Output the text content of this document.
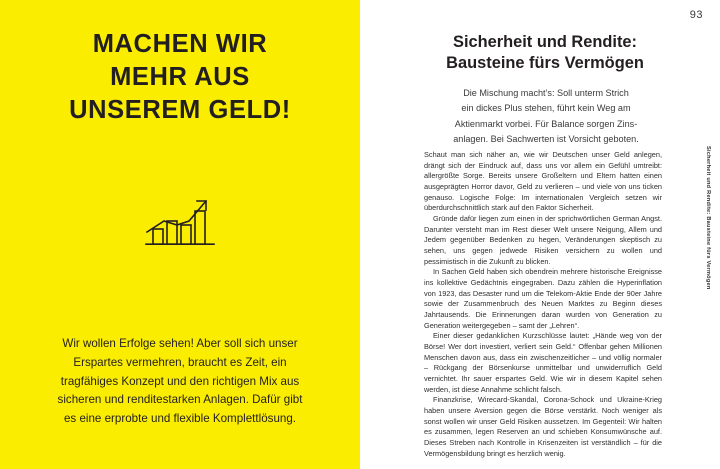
MACHEN WIR
MEHR AUS
UNSEREM GELD!
Wir wollen Erfolge sehen! Aber soll sich unser Erspartes vermehren, braucht es Zeit, ein tragfähiges Konzept und den richtigen Mix aus sicheren und renditestarken Anlagen. Dafür gibt es eine erprobte und flexible Komplettlösung.
93
Sicherheit und Rendite:
Bausteine fürs Vermögen
Die Mischung macht’s: Soll unterm Strich
ein dickes Plus stehen, führt kein Weg am
Aktienmarkt vorbei. Für Balance sorgen Zins-
anlagen. Bei Sachwerten ist Vorsicht geboten.

Schaut man sich näher an, wie wir Deutschen unser Geld anlegen, drängt sich der Eindruck auf, dass uns vor allem ein Gefühl umtreibt: allergrößte Sorge. Bereits unsere Großeltern und Eltern hatten einen ausgeprägten Horror davor, Geld zu verlieren – und viele von uns ticken genauso. Logische Folge: Im internationalen Vergleich setzen wir überdurchschnittlich stark auf den Faktor Sicherheit.

Gründe dafür liegen zum einen in der sprichwörtlichen German Angst. Darunter versteht man im Rest dieser Welt unsere Neigung, Allem und Jedem gegenüber Bedenken zu hegen, Veränderungen skeptisch zu sehen, uns gegen jedwede Risiken versichern zu wollen und pessimistisch in die Zukunft zu blicken.

In Sachen Geld haben sich obendrein mehrere historische Ereignisse ins kollektive Gedächtnis eingegraben. Dazu zählen die Hyperinflation von 1923, das Desaster rund um die Telekom-Aktie Ende der 90er Jahre sowie der Zusammenbruch des Neuen Marktes zu Beginn dieses Jahrtausends. Die Erinnerungen daran wurden von Generation zu Generation weitergegeben – samt der „Lehren“.

Einer dieser gedanklichen Kurzschlüsse lautet: „Hände weg von der Börse! Wer dort investiert, verliert sein Geld.“ Offenbar gehen Millionen Menschen davon aus, dass ein zwischenzeitlicher – und völlig normaler – Rückgang der Börsenkurse unmittelbar und unwiderruflich Geld vernichtet. Ihr sauer erspartes Geld. Wie wir in diesem Kapitel sehen werden, ist diese Annahme schlicht falsch.

Finanzkrise, Wirecard-Skandal, Corona-Schock und Ukraine-Krieg haben unsere Aversion gegen die Börse verstärkt. Noch weniger als sonst wollen wir unser Geld Risiken aussetzen. Im Gegenteil: Wir halten es zusammen, legen Reserven an und schieben Konsumwünsche auf. Dieses Streben nach Kontrolle in Krisenzeiten ist verständlich – für die Vermögensbildung bringt es herzlich wenig.

Sicherheit und Rendite: Bausteine fürs Vermögen
